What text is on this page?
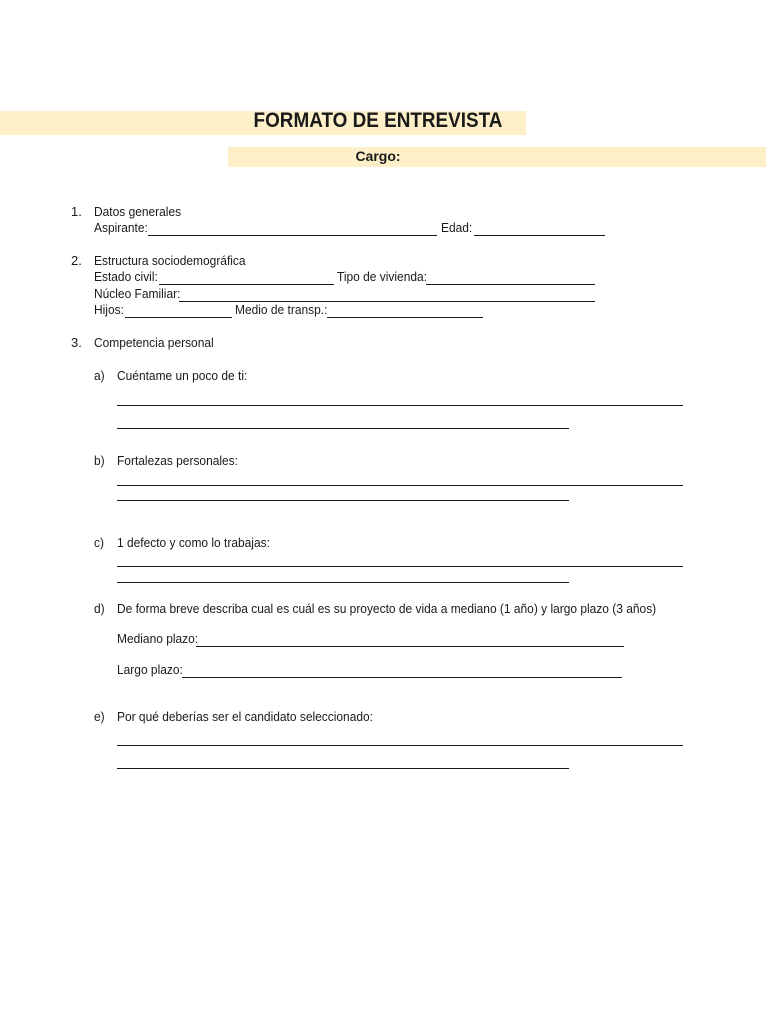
FORMATO DE ENTREVISTA
Cargo:
1. Datos generales
Aspirante:	Edad:
2. Estructura sociodemográfica
Estado civil:	Tipo de vivienda:
Núcleo Familiar:
Hijos:	Medio de transp.:
3. Competencia personal
a) Cuéntame un poco de ti:
b) Fortalezas personales:
c) 1 defecto y como lo trabajas:
d) De forma breve describa cual es cuál es su proyecto de vida a mediano (1 año) y largo plazo (3 años)
Mediano plazo:
Largo plazo:
e) Por qué deberías ser el candidato seleccionado:
